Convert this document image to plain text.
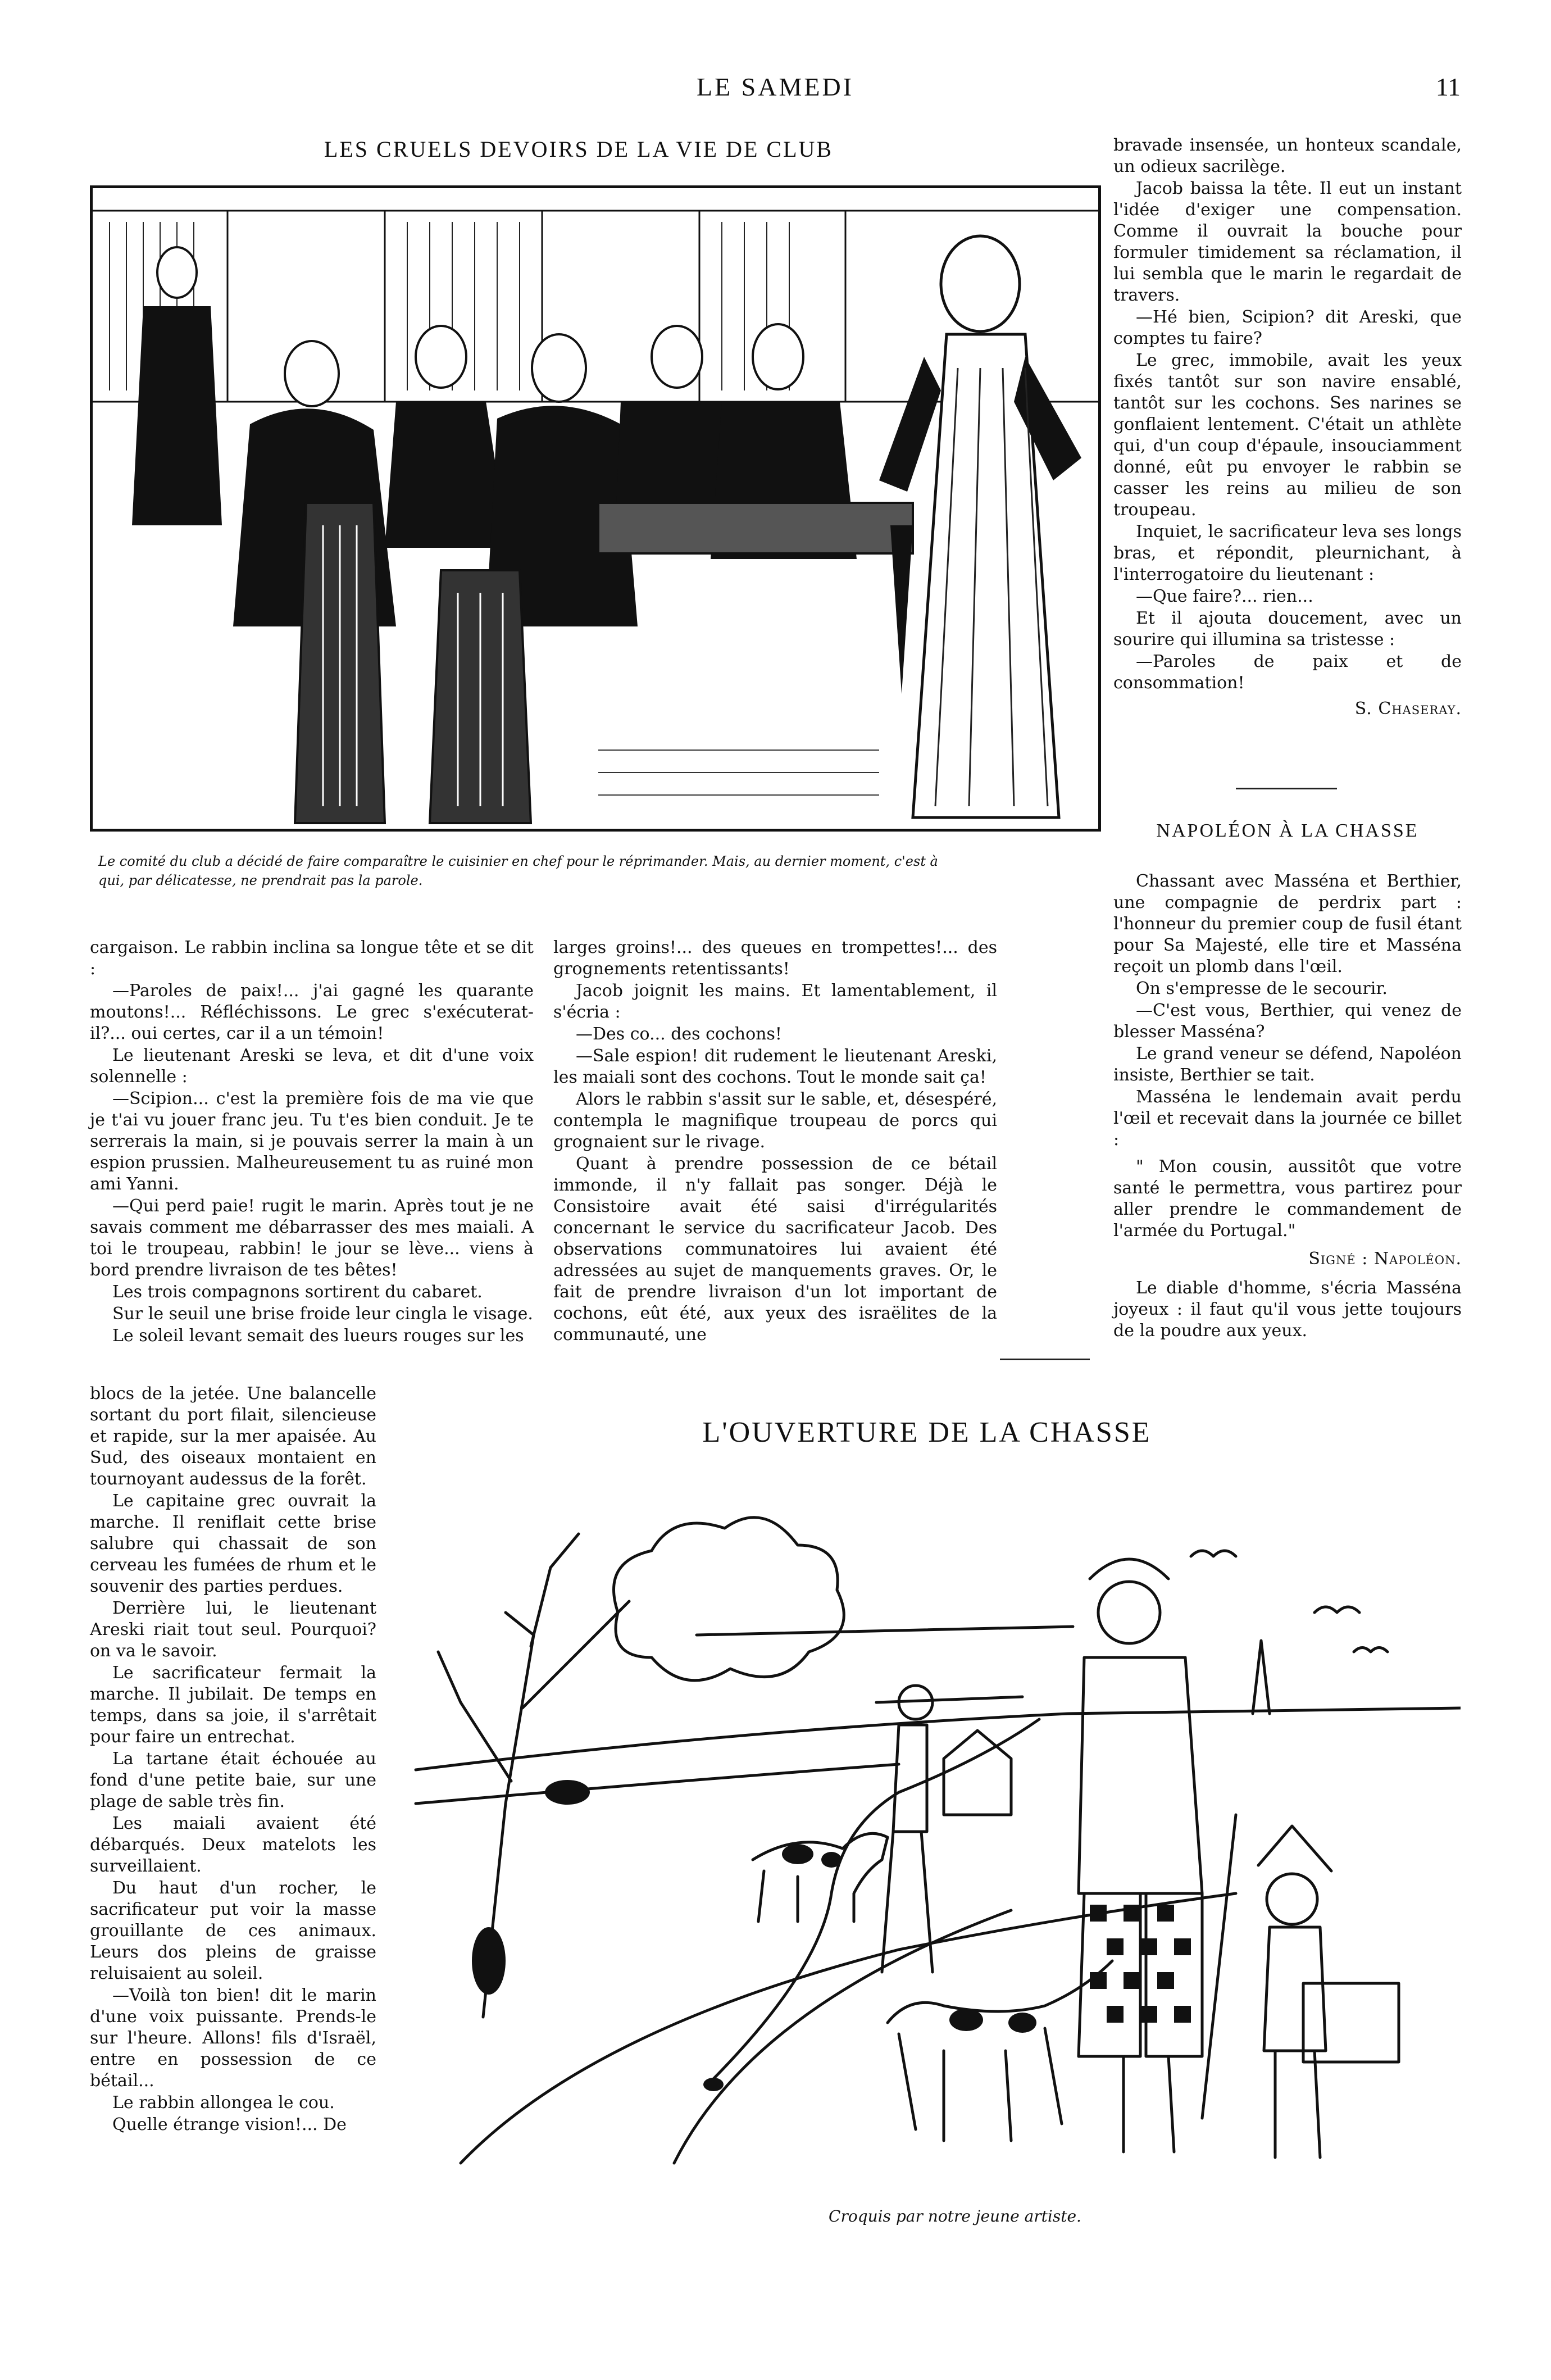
LE SAMEDI	11
LES CRUELS DEVOIRS DE LA VIE DE CLUB
Le comité du club a décidé de faire comparaître le cuisinier en chef pour le réprimander. Mais, au dernier moment, c'est à
qui, par délicatesse, ne prendrait pas la parole.

bravade insensée, un honteux scandale, un odieux sacrilège.

Jacob baissa la tête. Il eut un instant l'idée d'exiger une compensation. Comme il ouvrait la bouche pour formuler timidement sa réclamation, il lui sembla que le marin le regardait de travers.

—Hé bien, Scipion? dit Areski, que comptes tu faire?

Le grec, immobile, avait les yeux fixés tantôt sur son navire ensablé, tantôt sur les cochons. Ses narines se gonflaient lentement. C'était un athlète qui, d'un coup d'épaule, insouciamment donné, eût pu envoyer le rabbin se casser les reins au milieu de son troupeau.

Inquiet, le sacrificateur leva ses longs bras, et répondit, pleurnichant, à l'interrogatoire du lieutenant :

—Que faire?... rien...

Et il ajouta doucement, avec un sourire qui illumina sa tristesse :

—Paroles de paix et de consommation!

S. Chaseray.

NAPOLÉON À LA CHASSE

Chassant avec Masséna et Berthier, une compagnie de perdrix part : l'honneur du premier coup de fusil étant pour Sa Majesté, elle tire et Masséna reçoit un plomb dans l'œil.

On s'empresse de le secourir.

—C'est vous, Berthier, qui venez de blesser Masséna?

Le grand veneur se défend, Napoléon insiste, Berthier se tait.

Masséna le lendemain avait perdu l'œil et recevait dans la journée ce billet :

" Mon cousin, aussitôt que votre santé le permettra, vous partirez pour aller prendre le commandement de l'armée du Portugal."

Signé : Napoléon.

Le diable d'homme, s'écria Masséna joyeux : il faut qu'il vous jette toujours de la poudre aux yeux.

cargaison. Le rabbin inclina sa longue tête et se dit :

—Paroles de paix!... j'ai gagné les quarante moutons!... Réfléchissons. Le grec s'exécuterat-il?... oui certes, car il a un témoin!

Le lieutenant Areski se leva, et dit d'une voix solennelle :

—Scipion... c'est la première fois de ma vie que je t'ai vu jouer franc jeu. Tu t'es bien conduit. Je te serrerais la main, si je pouvais serrer la main à un espion prussien. Malheureusement tu as ruiné mon ami Yanni.

—Qui perd paie! rugit le marin. Après tout je ne savais comment me débarrasser des mes maiali. A toi le troupeau, rabbin! le jour se lève... viens à bord prendre livraison de tes bêtes!

Les trois compagnons sortirent du cabaret.

Sur le seuil une brise froide leur cingla le visage.

Le soleil levant semait des lueurs rouges sur les

blocs de la jetée. Une balancelle sortant du port filait, silencieuse et rapide, sur la mer apaisée. Au Sud, des oiseaux montaient en tournoyant audessus de la forêt.

Le capitaine grec ouvrait la marche. Il reniflait cette brise salubre qui chassait de son cerveau les fumées de rhum et le souvenir des parties perdues.

Derrière lui, le lieutenant Areski riait tout seul. Pourquoi? on va le savoir.

Le sacrificateur fermait la marche. Il jubilait. De temps en temps, dans sa joie, il s'arrêtait pour faire un entrechat.

La tartane était échouée au fond d'une petite baie, sur une plage de sable très fin.

Les maiali avaient été débarqués. Deux matelots les surveillaient.

Du haut d'un rocher, le sacrificateur put voir la masse grouillante de ces animaux. Leurs dos pleins de graisse reluisaient au soleil.

—Voilà ton bien! dit le marin d'une voix puissante. Prends-le sur l'heure. Allons! fils d'Israël, entre en possession de ce bétail...

Le rabbin allongea le cou.

Quelle étrange vision!... De

larges groins!... des queues en trompettes!... des grognements retentissants!

Jacob joignit les mains. Et lamentablement, il s'écria :

—Des co... des cochons!

—Sale espion! dit rudement le lieutenant Areski, les maiali sont des cochons. Tout le monde sait ça!

Alors le rabbin s'assit sur le sable, et, désespéré, contempla le magnifique troupeau de porcs qui grognaient sur le rivage.

Quant à prendre possession de ce bétail immonde, il n'y fallait pas songer. Déjà le Consistoire avait été saisi d'irrégularités concernant le service du sacrificateur Jacob. Des observations communatoires lui avaient été adressées au sujet de manquements graves. Or, le fait de prendre livraison d'un lot important de cochons, eût été, aux yeux des israëlites de la communauté, une

L'OUVERTURE DE LA CHASSE
Croquis par notre jeune artiste.
